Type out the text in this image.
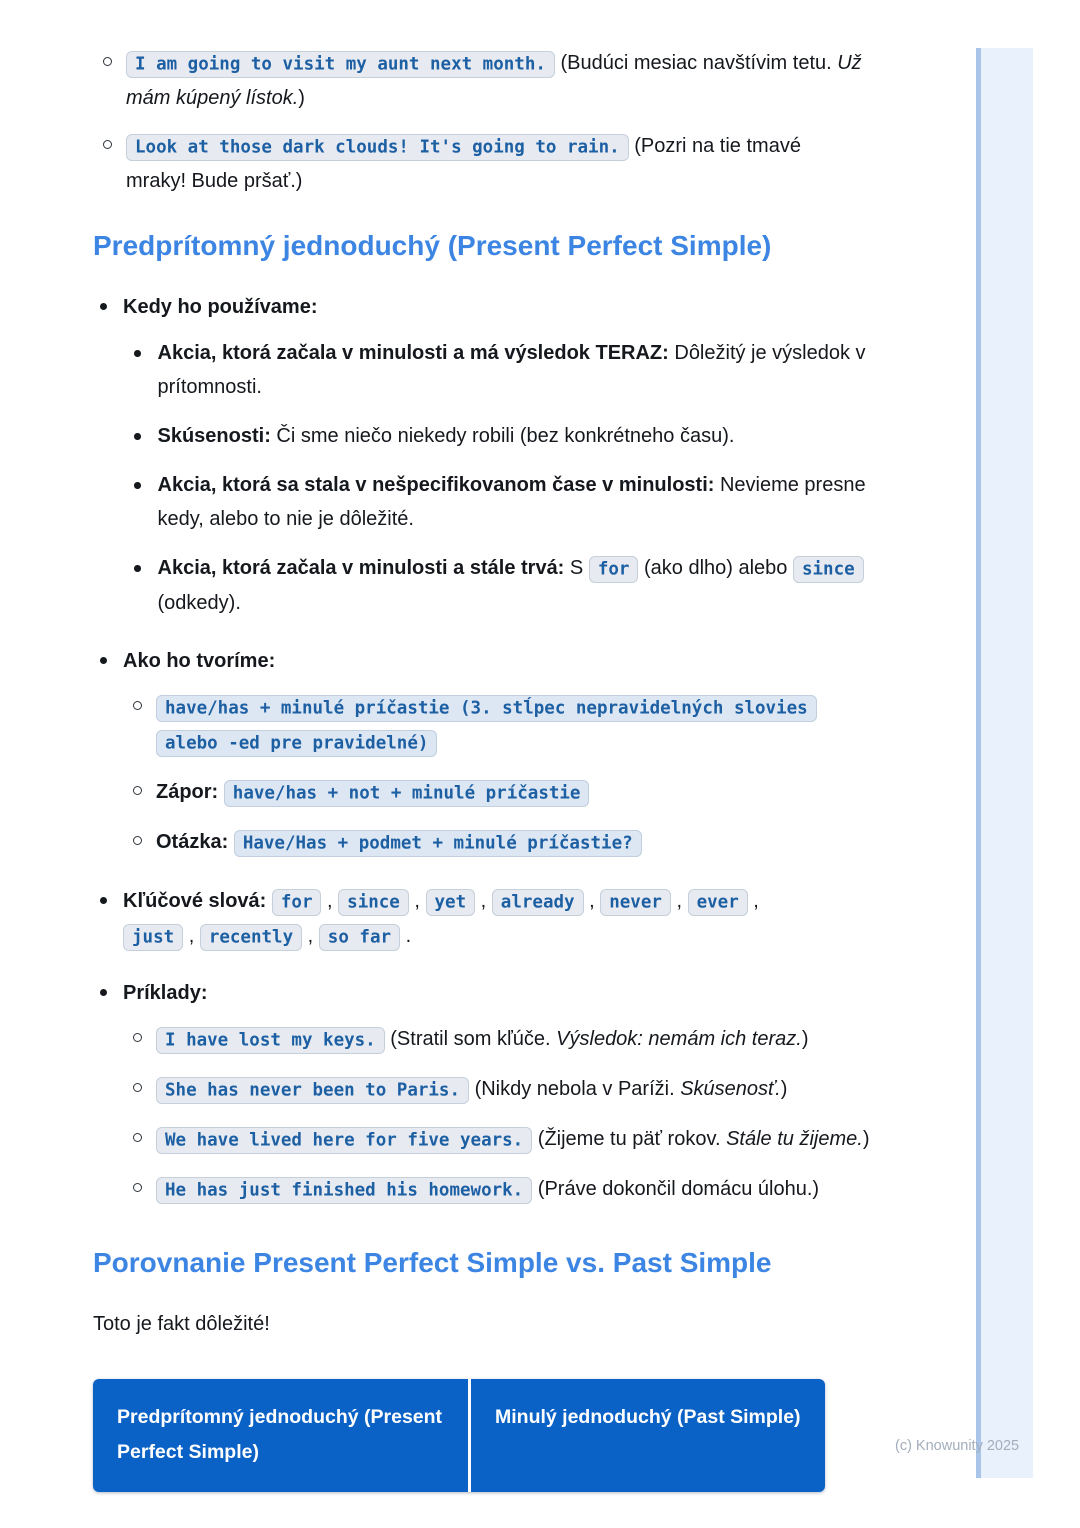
(c) Knowunity 2025
I am going to visit my aunt next month. (Budúci mesiac navštívim tetu. Už mám kúpený lístok.)
Look at those dark clouds! It's going to rain. (Pozri na tie tmavé mraky! Bude pršať.)
Predprítomný jednoduchý (Present Perfect Simple)
Kedy ho používame:
Akcia, ktorá začala v minulosti a má výsledok TERAZ: Dôležitý je výsledok v prítomnosti.
Skúsenosti: Či sme niečo niekedy robili (bez konkrétneho času).
Akcia, ktorá sa stala v nešpecifikovanom čase v minulosti: Nevieme presne kedy, alebo to nie je dôležité.
Akcia, ktorá začala v minulosti a stále trvá: S for (ako dlho) alebo since (odkedy).
Ako ho tvoríme:
have/has + minulé príčastie (3. stĺpec nepravidelných slovies alebo -ed pre pravidelné)
Zápor: have/has + not + minulé príčastie
Otázka: Have/Has + podmet + minulé príčastie?
Kľúčové slová: for , since , yet , already , never , ever , just , recently , so far .
Príklady:
I have lost my keys. (Stratil som kľúče. Výsledok: nemám ich teraz.)
She has never been to Paris. (Nikdy nebola v Paríži. Skúsenosť.)
We have lived here for five years. (Žijeme tu päť rokov. Stále tu žijeme.)
He has just finished his homework. (Práve dokončil domácu úlohu.)
Porovnanie Present Perfect Simple vs. Past Simple

Toto je fakt dôležité!

Predprítomný jednoduchý (Present Perfect Simple)
Minulý jednoduchý (Past Simple)
